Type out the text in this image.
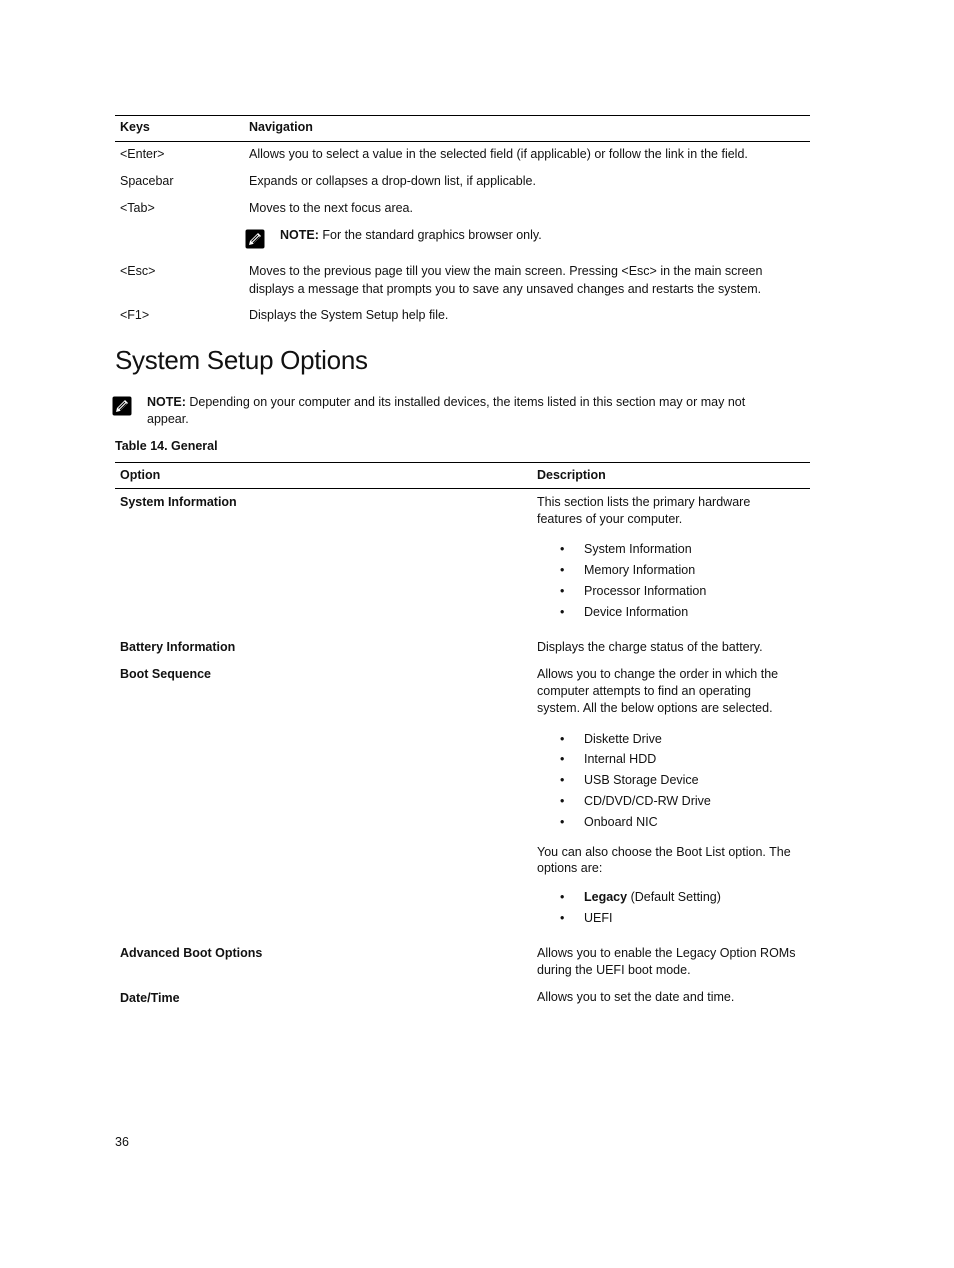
Keys	Navigation
<Enter>	Allows you to select a value in the selected field (if applicable) or follow the link in the field.
Spacebar	Expands or collapses a drop-down list, if applicable.
<Tab>	Moves to the next focus area.
NOTE: For the standard graphics browser only.
<Esc>	Moves to the previous page till you view the main screen. Pressing <Esc> in the main screen
displays a message that prompts you to save any unsaved changes and restarts the system.
<F1>	Displays the System Setup help file.
System Setup Options
NOTE: Depending on your computer and its installed devices, the items listed in this section may or may not
appear.
Table 14. General
Option	Description
System Information	This section lists the primary hardware
features of your computer.
• System Information
• Memory Information
• Processor Information
• Device Information
Battery Information	Displays the charge status of the battery.
Boot Sequence	Allows you to change the order in which the
computer attempts to find an operating
system. All the below options are selected.
• Diskette Drive
• Internal HDD
• USB Storage Device
• CD/DVD/CD-RW Drive
• Onboard NIC
You can also choose the Boot List option. The
options are:
• Legacy (Default Setting)
• UEFI
Advanced Boot Options	Allows you to enable the Legacy Option ROMs
during the UEFI boot mode.
Date/Time	Allows you to set the date and time.
36
